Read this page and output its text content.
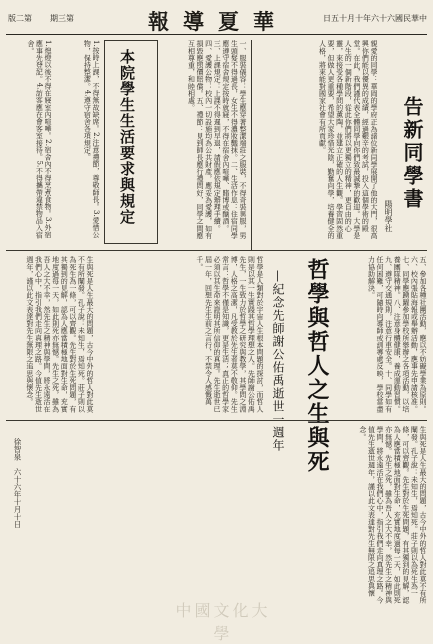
版二第 期三第	報導夏華	日五十月十年六十六國民華中
告新同學書
陽明學社
親愛的同學：華岡的學府正為諸位新同學展開了他的大門，很高興你們能以優異的成績，經過艱辛的考試，投入這個學術的殿堂。在此，我們謹代表全體同學向你們致最誠摯的歡迎。大學是人生的一個新階段，從此你們將以更獨立的精神，更自由的心靈，來接受各種學問的薰陶，並建立正確的人生觀。學習固然重要，但做人更重要，希望大家珍惜光陰，勤奮向學，培養健全的人格，將來能對國家社會有所貢獻。
一、服裝儀容：學生應穿著整潔端莊之服裝，不得奇裝異服，男生頭髮不得過長，女生不得濃妝豔抹。二、生活作息：住宿同學應遵守宿舍規定按時就寢，不得在宿舍內喧嘩、賭博或酗酒。三、上課規定：上課不得遲到早退，請假應依規定辦理手續。四、愛護公物：校內一切設施均為公共財產，應妥為愛護，如有損毀應照價賠償。五、禮節：見到師長應行禮問好，同學之間應互相尊重，和睦相處。
本院學生生活要求與規定
1.按時上課，不得無故缺席。2.注意禮節，尊敬師長。3.愛惜公物，保持整潔。4.遵守宿舍各項規定。
1.熄燈以後不得在寢室內喧嘩。2.宿舍內不得烹煮食物。3.外宿應事先登記。4.訪客應在會客室接待。5.不得攜帶違禁物品入宿舍。
五、參加各種社團活動，應以不妨礙學業為原則。六、校內張貼海報或舉辦活動，應事先申請核准。七、同學應踴躍參加學校所舉辦之各項活動，以培養團隊精神。八、注意身體健康，養成運動習慣。九、遵守交通規則，注意行車安全。十、同學如有任何困難，可隨時向導師或訓導處反映，學校當盡力協助解決。
哲學與哲人之生與死
—紀念先師謝公佑禹逝世一週年
哲學是人類對於宇宙人生根本問題的探討，而哲人則是以其一生實踐其哲學理想之人。先師謝公佑禹先生，一生致力於哲學之研究與教學，其學問之淵博，人格之高潔，凡受教於先生者莫不敬仰。先生常言：哲學不僅是知識，更是生活；真正的哲學家必須以其生命來證明其所信仰的真理。先生逝世已屆一年，回想先生生前之言行，不禁令人感慨萬千。
生與死是人生最大的問題，古今中外的哲人對此莫不有所闡發。孔子說：未知生，焉知死。莊子則以為死生為一條，可以齊觀。先生對於生死問題，有其獨到的見解，認為人應當積極地面對生命，充實地度過每一天，如此則死亦無憾。先生之死，雖為吾人之大不幸，然先生之精神與學問，將永遠活在我們心中，指引我們走向真理之路。今值先生逝世週年，謹以此文表達對先生無限之追思與懷念。
生與死是人生最大的問題，古今中外的哲人對此莫不有所闡發。孔子說：未知生，焉知死。莊子則以為死生為一條，可以齊觀。先生對於生死問題，有其獨到的見解，認為人應當積極地面對生命，充實地度過每一天，如此則死亦無憾。先生之死，雖為吾人之大不幸，然先生之精神與學問，將永遠活在我們心中，指引我們走向真理之路。今值先生逝世週年，謹以此文表達對先生無限之追思與懷念。
徐智泉　六十六年十月十日
中國文化大學
